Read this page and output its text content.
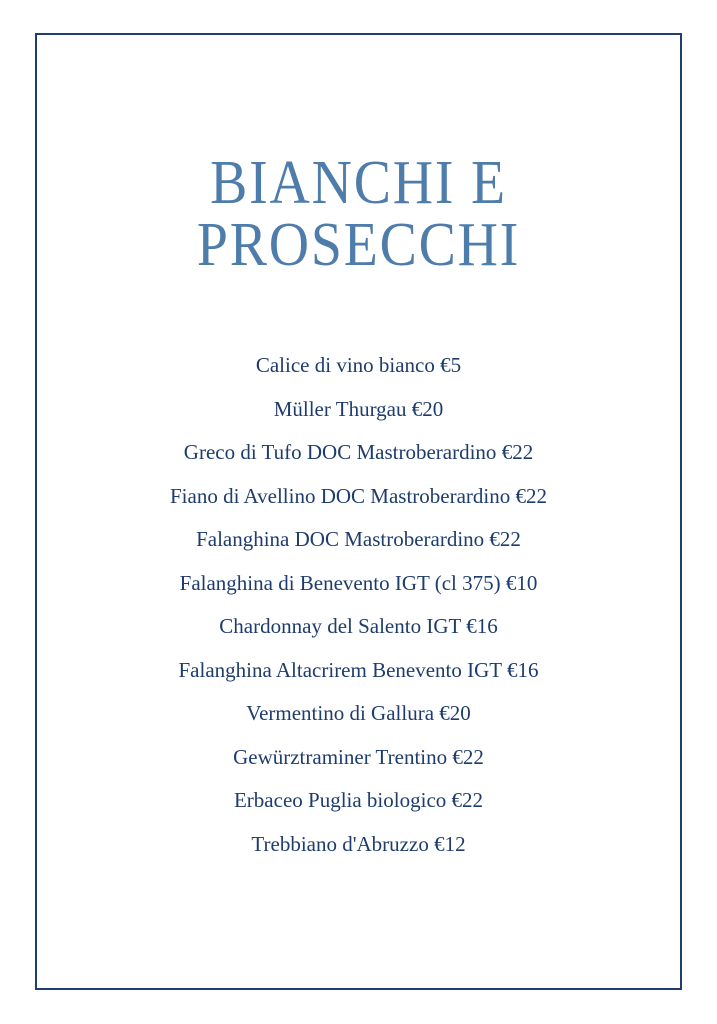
BIANCHI E
PROSECCHI
Calice di vino bianco €5
Müller Thurgau €20
Greco di Tufo DOC Mastroberardino €22
Fiano di Avellino DOC Mastroberardino €22
Falanghina DOC Mastroberardino €22
Falanghina di Benevento IGT (cl 375) €10
Chardonnay del Salento IGT €16
Falanghina Altacrirem Benevento IGT €16
Vermentino di Gallura €20
Gewürztraminer Trentino €22
Erbaceo Puglia biologico €22
Trebbiano d'Abruzzo €12
